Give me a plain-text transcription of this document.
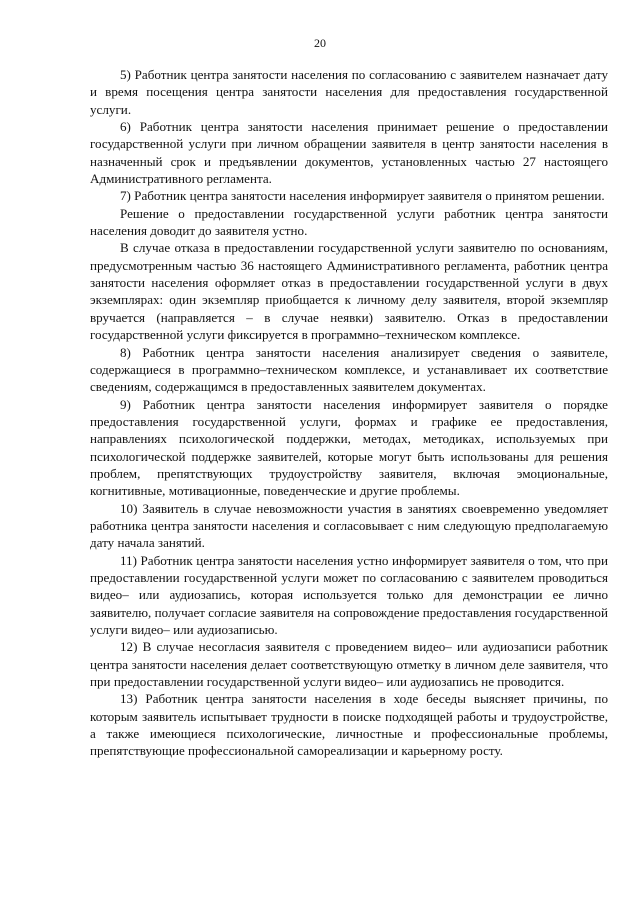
20

5) Работник центра занятости населения по согласованию с заявителем назначает дату и время посещения центра занятости населения для предоставления государственной услуги.

6) Работник центра занятости населения принимает решение о предоставлении государственной услуги при личном обращении заявителя в центр занятости населения в назначенный срок и предъявлении документов, установленных частью 27 настоящего Административного регламента.

7) Работник центра занятости населения информирует заявителя о принятом решении.

Решение о предоставлении государственной услуги работник центра занятости населения доводит до заявителя устно.

В случае отказа в предоставлении государственной услуги заявителю по основаниям, предусмотренным частью 36 настоящего Административного регламента, работник центра занятости населения оформляет отказ в предоставлении государственной услуги в двух экземплярах: один экземпляр приобщается к личному делу заявителя, второй экземпляр вручается (направляется – в случае неявки) заявителю. Отказ в предоставлении государственной услуги фиксируется в программно–техническом комплексе.

8) Работник центра занятости населения анализирует сведения о заявителе, содержащиеся в программно–техническом комплексе, и устанавливает их соответствие сведениям, содержащимся в предоставленных заявителем документах.

9) Работник центра занятости населения информирует заявителя о порядке предоставления государственной услуги, формах и графике ее предоставления, направлениях психологической поддержки, методах, методиках, используемых при психологической поддержке заявителей, которые могут быть использованы для решения проблем, препятствующих трудоустройству заявителя, включая эмоциональные, когнитивные, мотивационные, поведенческие и другие проблемы.

10) Заявитель в случае невозможности участия в занятиях своевременно уведомляет работника центра занятости населения и согласовывает с ним следующую предполагаемую дату начала занятий.

11) Работник центра занятости населения устно информирует заявителя о том, что при предоставлении государственной услуги может по согласованию с заявителем проводиться видео– или аудиозапись, которая используется только для демонстрации ее лично заявителю, получает согласие заявителя на сопровождение предоставления государственной услуги видео– или аудиозаписью.

12) В случае несогласия заявителя с проведением видео– или аудиозаписи работник центра занятости населения делает соответствующую отметку в личном деле заявителя, что при предоставлении государственной услуги видео– или аудиозапись не проводится.

13) Работник центра занятости населения в ходе беседы выясняет причины, по которым заявитель испытывает трудности в поиске подходящей работы и трудоустройстве, а также имеющиеся психологические, личностные и профессиональные проблемы, препятствующие профессиональной самореализации и карьерному росту.
